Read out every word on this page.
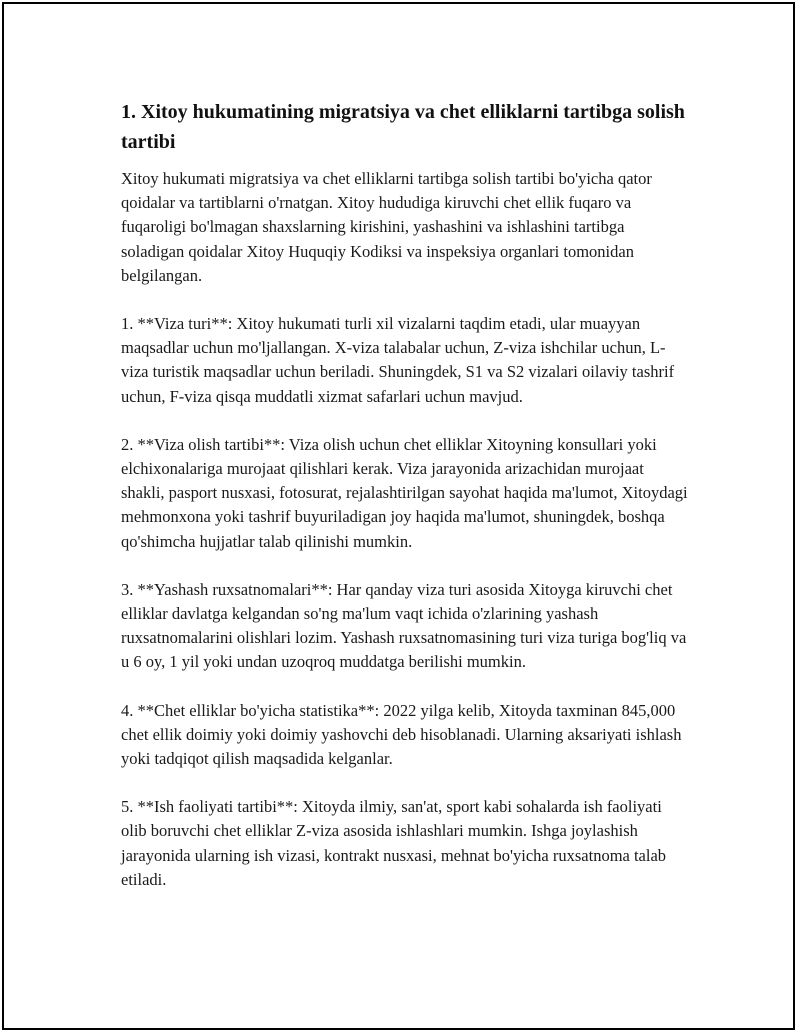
1. Xitoy hukumatining migratsiya va chet elliklarni tartibga solish tartibi

Xitoy hukumati migratsiya va chet elliklarni tartibga solish tartibi bo'yicha qator qoidalar va tartiblarni o'rnatgan. Xitoy hududiga kiruvchi chet ellik fuqaro va fuqaroligi bo'lmagan shaxslarning kirishini, yashashini va ishlashini tartibga soladigan qoidalar Xitoy Huquqiy Kodiksi va inspeksiya organlari tomonidan belgilangan.

1. **Viza turi**: Xitoy hukumati turli xil vizalarni taqdim etadi, ular muayyan maqsadlar uchun mo'ljallangan. X-viza talabalar uchun, Z-viza ishchilar uchun, L-viza turistik maqsadlar uchun beriladi. Shuningdek, S1 va S2 vizalari oilaviy tashrif uchun, F-viza qisqa muddatli xizmat safarlari uchun mavjud.

2. **Viza olish tartibi**: Viza olish uchun chet elliklar Xitoyning konsullari yoki elchixonalariga murojaat qilishlari kerak. Viza jarayonida arizachidan murojaat shakli, pasport nusxasi, fotosurat, rejalashtirilgan sayohat haqida ma'lumot, Xitoydagi mehmonxona yoki tashrif buyuriladigan joy haqida ma'lumot, shuningdek, boshqa qo'shimcha hujjatlar talab qilinishi mumkin.

3. **Yashash ruxsatnomalari**: Har qanday viza turi asosida Xitoyga kiruvchi chet elliklar davlatga kelgandan so'ng ma'lum vaqt ichida o'zlarining yashash ruxsatnomalarini olishlari lozim. Yashash ruxsatnomasining turi viza turiga bog'liq va u 6 oy, 1 yil yoki undan uzoqroq muddatga berilishi mumkin.

4. **Chet elliklar bo'yicha statistika**: 2022 yilga kelib, Xitoyda taxminan 845,000 chet ellik doimiy yoki doimiy yashovchi deb hisoblanadi. Ularning aksariyati ishlash yoki tadqiqot qilish maqsadida kelganlar.

5. **Ish faoliyati tartibi**: Xitoyda ilmiy, san'at, sport kabi sohalarda ish faoliyati olib boruvchi chet elliklar Z-viza asosida ishlashlari mumkin. Ishga joylashish jarayonida ularning ish vizasi, kontrakt nusxasi, mehnat bo'yicha ruxsatnoma talab etiladi.
